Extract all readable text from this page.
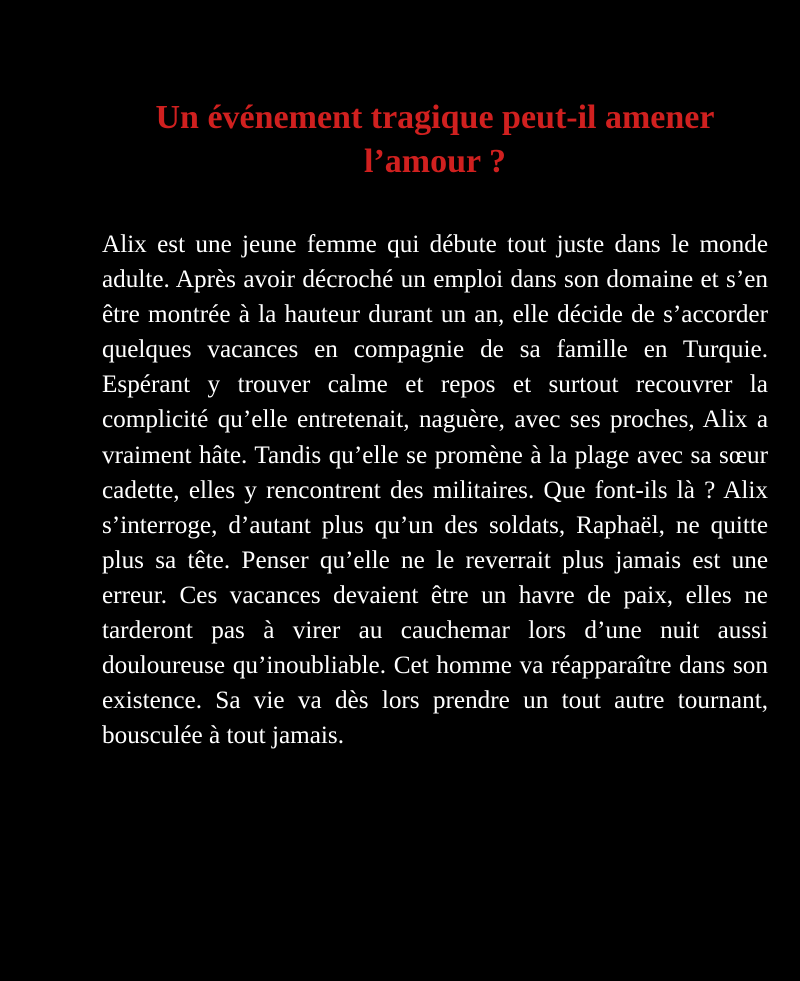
Un événement tragique peut-il amener l’amour ?

Alix est une jeune femme qui débute tout juste dans le monde adulte. Après avoir décroché un emploi dans son domaine et s’en être montrée à la hauteur durant un an, elle décide de s’accorder quelques vacances en compagnie de sa famille en Turquie. Espérant y trouver calme et repos et surtout recouvrer la complicité qu’elle entretenait, naguère, avec ses proches, Alix a vraiment hâte. Tandis qu’elle se promène à la plage avec sa sœur cadette, elles y rencontrent des militaires. Que font-ils là ? Alix s’interroge, d’autant plus qu’un des soldats, Raphaël, ne quitte plus sa tête. Penser qu’elle ne le reverrait plus jamais est une erreur. Ces vacances devaient être un havre de paix, elles ne tarderont pas à virer au cauchemar lors d’une nuit aussi douloureuse qu’inoubliable. Cet homme va réapparaître dans son existence. Sa vie va dès lors prendre un tout autre tournant, bousculée à tout jamais.
